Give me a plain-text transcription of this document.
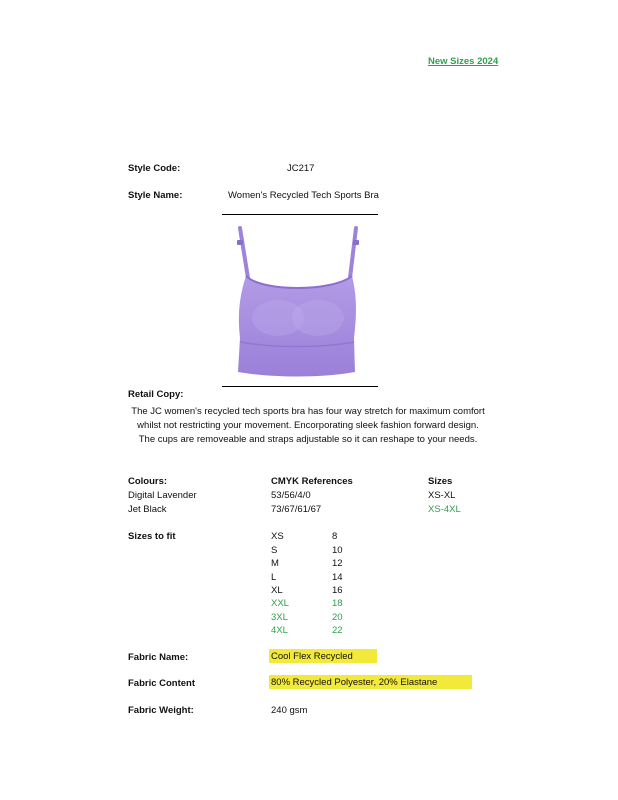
New Sizes 2024
Style Code:	JC217
Style Name:	Women's Recycled Tech Sports Bra
Retail Copy:
The JC women's recycled tech sports bra has four way stretch for maximum comfort whilst not restricting your movement. Encorporating sleek fashion forward design. The cups are removeable and straps adjustable so it can reshape to your needs.
Colours:	CMYK References	Sizes
Digital Lavender	53/56/4/0	XS-XL
Jet Black	73/67/61/67	XS-4XL
Sizes to fit	XS	8
S	10
M	12
L	14
XL	16
XXL	18
3XL	20
4XL	22
Fabric Name:	Cool Flex Recycled
Fabric Content	80% Recycled Polyester, 20% Elastane
Fabric Weight:	240 gsm
